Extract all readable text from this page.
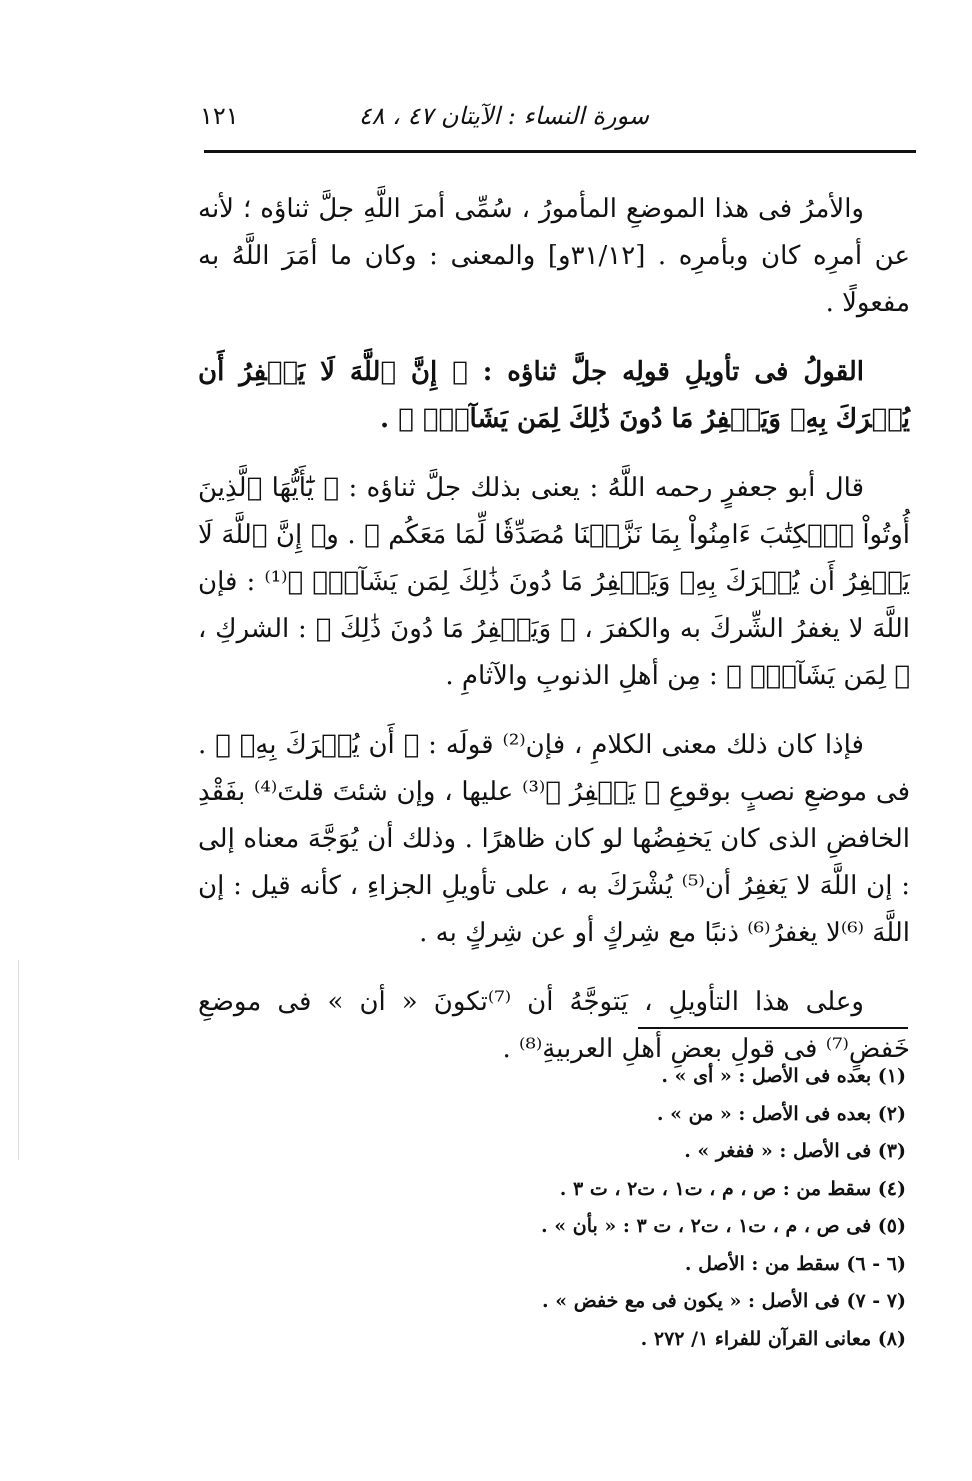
١٢١	سورة النساء : الآيتان ٤٧ ، ٤٨

والأمرُ فى هذا الموضعِ المأمورُ ، سُمِّى أمرَ اللَّهِ جلَّ ثناؤه ؛ لأنه عن أمرِه كان وبأمرِه . [٣١/١٢و] والمعنى : وكان ما أمَرَ اللَّهُ به مفعولًا .

القولُ فى تأويلِ قولِه جلَّ ثناؤه : ﴿ إِنَّ ٱللَّهَ لَا يَغۡفِرُ أَن يُشۡرَكَ بِهِۦ وَيَغۡفِرُ مَا دُونَ ذَٰلِكَ لِمَن يَشَآءُۚ ﴾ .

قال أبو جعفرٍ رحمه اللَّهُ : يعنى بذلك جلَّ ثناؤه : ﴿ يَٰٓأَيُّهَا ٱلَّذِينَ أُوتُواْ ٱلۡكِتَٰبَ ءَامِنُواْ بِمَا نَزَّلۡنَا مُصَدِّقٗا لِّمَا مَعَكُم ﴾ . و﴿ إِنَّ ٱللَّهَ لَا يَغۡفِرُ أَن يُشۡرَكَ بِهِۦ وَيَغۡفِرُ مَا دُونَ ذَٰلِكَ لِمَن يَشَآءُۚ ﴾⁽¹⁾ : فإن اللَّهَ لا يغفرُ الشِّركَ به والكفرَ ، ﴿ وَيَغۡفِرُ مَا دُونَ ذَٰلِكَ ﴾ : الشركِ ، ﴿ لِمَن يَشَآءُۚ ﴾ : مِن أهلِ الذنوبِ والآثامِ .

فإذا كان ذلك معنى الكلامِ ، فإن⁽²⁾ قولَه : ﴿ أَن يُشۡرَكَ بِهِۦ ﴾ . فى موضعِ نصبٍ بوقوعِ ﴿ يَغۡفِرُ ﴾⁽³⁾ عليها ، وإن شئتَ قلتَ⁽⁴⁾ بفَقْدِ الخافضِ الذى كان يَخفِضُها لو كان ظاهرًا . وذلك أن يُوَجَّهَ معناه إلى : إن اللَّهَ لا يَغفِرُ أن⁽⁵⁾ يُشْرَكَ به ، على تأويلِ الجزاءِ ، كأنه قيل : إن اللَّهَ ⁽⁶⁾لا يغفرُ⁽⁶⁾ ذنبًا مع شِركٍ أو عن شِركٍ به .

وعلى هذا التأويلِ ، يَتوجَّهُ أن ⁽⁷⁾تكونَ « أن » فى موضعِ خَفضٍ⁽⁷⁾ فى قولِ بعضِ أهلِ العربيةِ⁽⁸⁾ .

(١) بعده فى الأصل : « أى » .
(٢) بعده فى الأصل : « من » .
(٣) فى الأصل : « ففغر » .
(٤) سقط من : ص ، م ، ت١ ، ت٢ ، ت ٣ .
(٥) فى ص ، م ، ت١ ، ت٢ ، ت ٣ : « بأن » .
(٦ - ٦) سقط من : الأصل .
(٧ - ٧) فى الأصل : « يكون فى مع خفض » .
(٨) معانى القرآن للفراء ١/ ٢٧٢ .
